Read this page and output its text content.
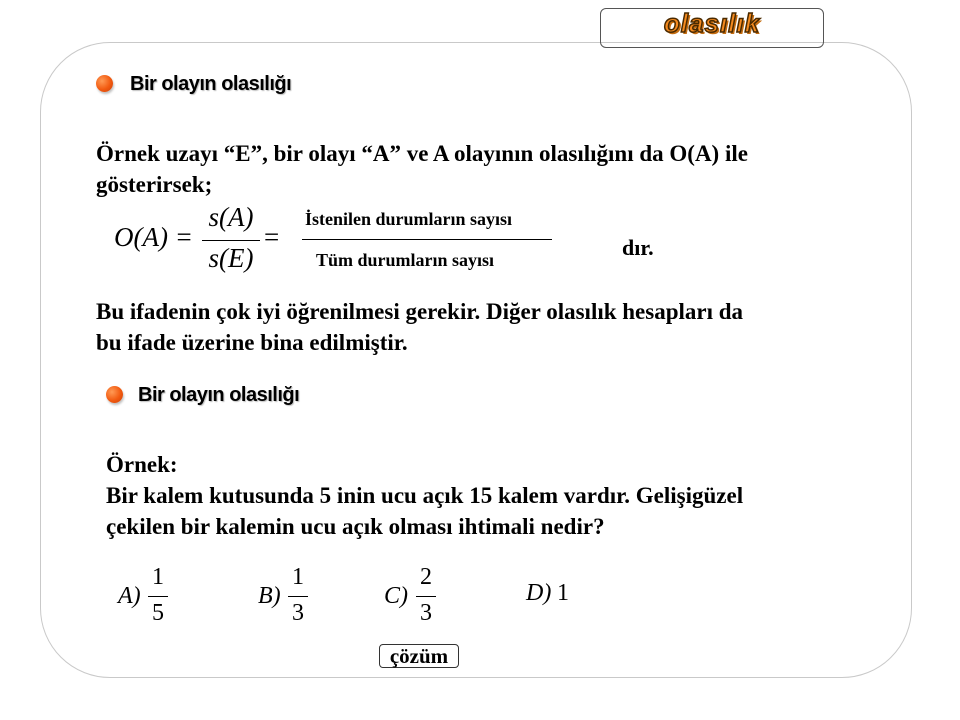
olasılık
Bir olayın olasılığı
Örnek uzayı “E”, bir olayı “A” ve A olayının olasılığını da O(A) ile
gösterirsek;
O(A) =
s(A)
s(E)
=
İstenilen durumların sayısı
Tüm durumların sayısı	dır.
Bu ifadenin çok iyi öğrenilmesi gerekir. Diğer olasılık hesapları da
bu ifade üzerine bina edilmiştir.
Bir olayın olasılığı
Örnek:
Bir kalem kutusunda 5 inin ucu açık 15 kalem vardır. Gelişigüzel
çekilen bir kalemin ucu açık olması ihtimali nedir?
A)
1
5
B)
1
3
C)
2
3
D) 1
çözüm
